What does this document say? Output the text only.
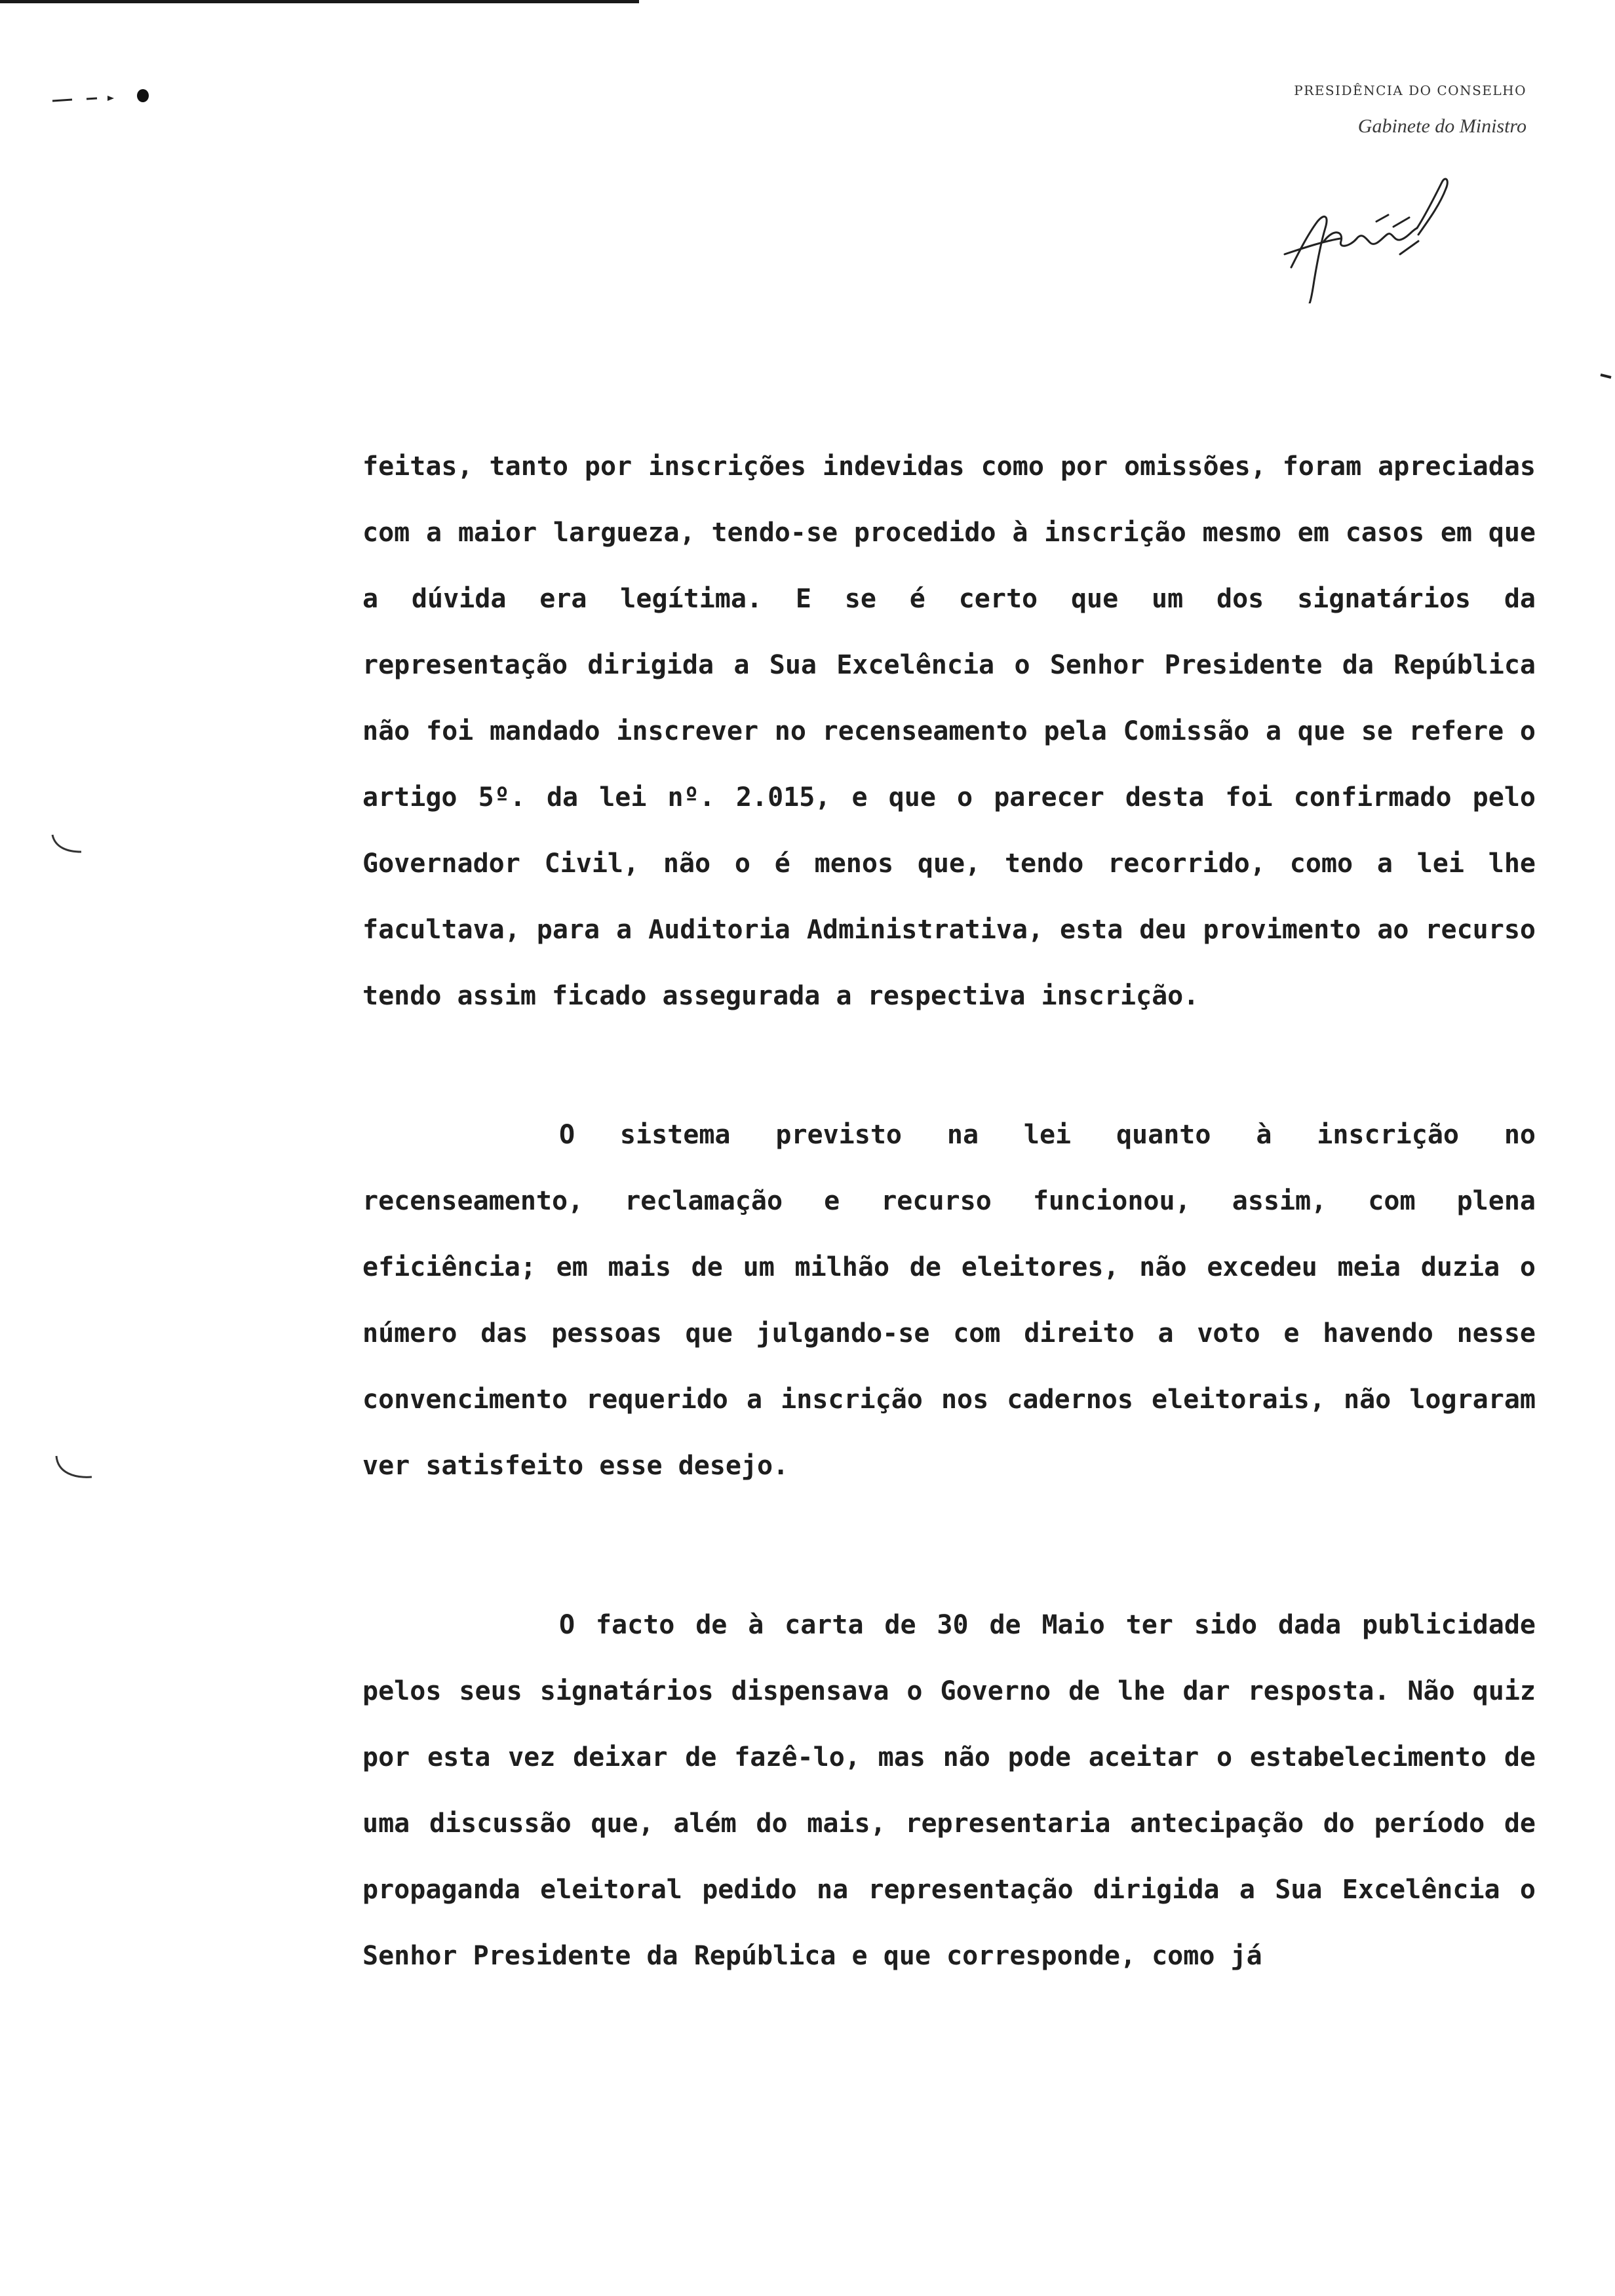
PRESIDÊNCIA DO CONSELHO
Gabinete do Ministro

feitas, tanto por inscrições indevidas como por omissões, foram apreciadas com a maior largueza, tendo-se procedido à inscrição mesmo em casos em que a dúvida era legítima. E se é certo que um dos signatários da representação dirigida a Sua Excelência o Senhor Presidente da República não foi mandado inscrever no recenseamento pela Comissão a que se refere o artigo 5º. da lei nº. 2.015, e que o parecer desta foi confirmado pelo Governador Civil, não o é menos que, tendo recorrido, como a lei lhe facultava, para a Auditoria Administrativa, esta deu provimento ao recurso tendo assim ficado assegurada a respectiva inscrição.

O sistema previsto na lei quanto à inscrição no recenseamento, reclamação e recurso funcionou, assim, com plena eficiência; em mais de um milhão de eleitores, não excedeu meia duzia o número das pessoas que julgando-se com direito a voto e havendo nesse convencimento requerido a inscrição nos cadernos eleitorais, não lograram ver satisfeito esse desejo.

O facto de à carta de 30 de Maio ter sido dada publicidade pelos seus signatários dispensava o Governo de lhe dar resposta. Não quiz por esta vez deixar de fazê-lo, mas não pode aceitar o estabelecimento de uma discussão que, além do mais, representaria antecipação do período de propaganda eleitoral pedido na representação dirigida a Sua Excelência o Senhor Presidente da República e que corresponde, como já
